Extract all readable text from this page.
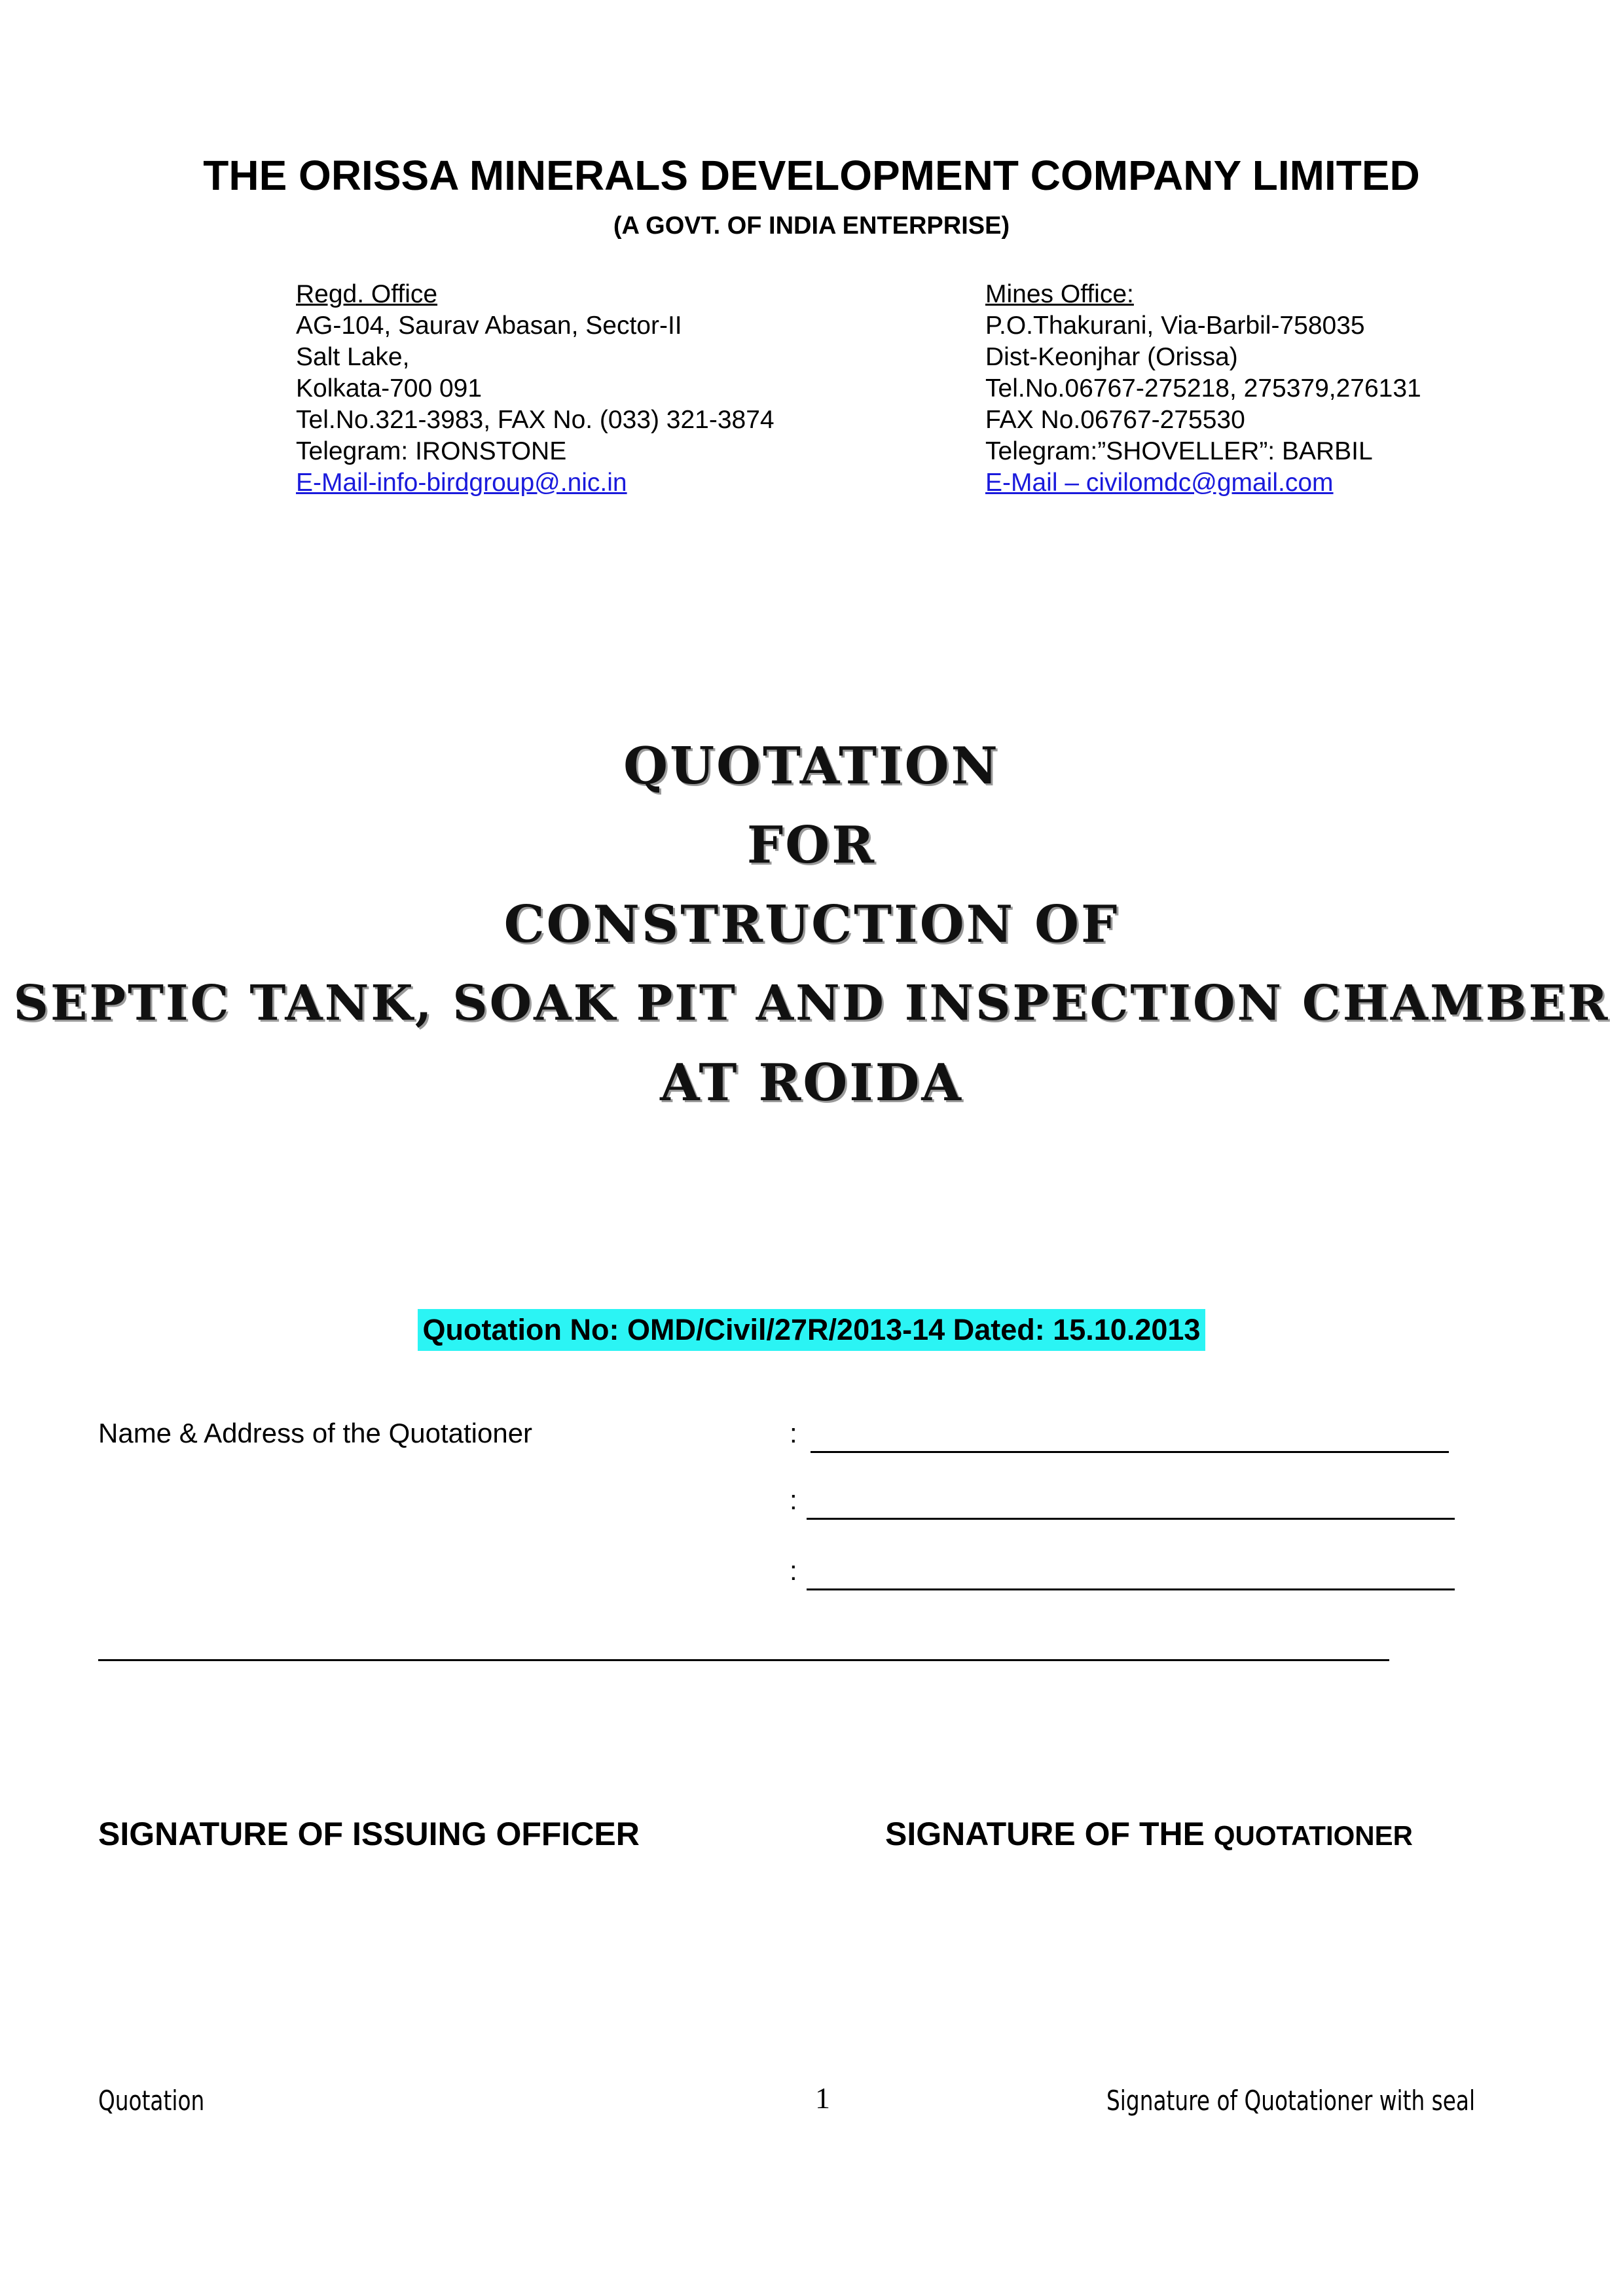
THE ORISSA MINERALS DEVELOPMENT COMPANY LIMITED
(A GOVT. OF INDIA ENTERPRISE)
Regd. Office
AG-104, Saurav Abasan, Sector-II
Salt Lake,
Kolkata-700 091
Tel.No.321-3983, FAX No. (033) 321-3874
Telegram: IRONSTONE
E-Mail-info-birdgroup@.nic.in
Mines Office:
P.O.Thakurani, Via-Barbil-758035
Dist-Keonjhar (Orissa)
Tel.No.06767-275218, 275379,276131
FAX No.06767-275530
Telegram:”SHOVELLER”: BARBIL
E-Mail – civilomdc@gmail.com
QUOTATION
FOR
CONSTRUCTION OF
SEPTIC TANK, SOAK PIT AND INSPECTION CHAMBER
AT ROIDA
Quotation No: OMD/Civil/27R/2013-14 Dated: 15.10.2013
Name & Address of the Quotationer	:
:
:
SIGNATURE OF ISSUING OFFICER	SIGNATURE OF THE QUOTATIONER
Quotation	1	Signature of Quotationer with seal
